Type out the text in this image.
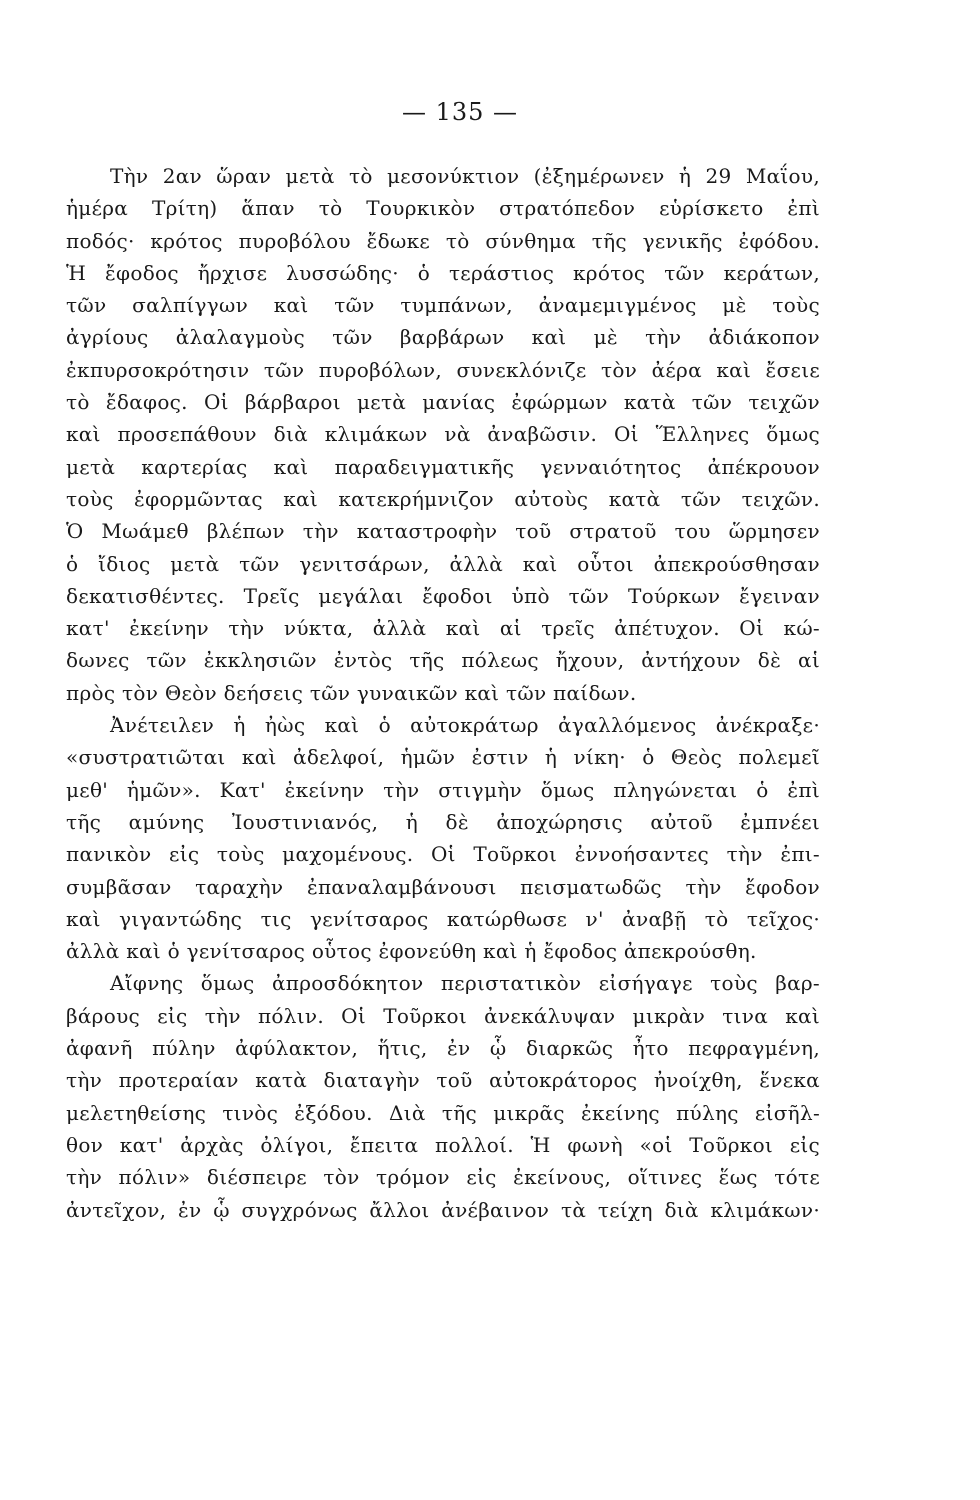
— 135 —
Τὴν 2αν ὥραν μετὰ τὸ μεσονύκτιον (ἐξημέρωνεν ἡ 29 Μαΐου,
ἡμέρα Τρίτη) ἅπαν τὸ Τουρκικὸν στρατόπεδον εὑρίσκετο ἐπὶ
ποδός· κρότος πυροβόλου ἔδωκε τὸ σύνθημα τῆς γενικῆς ἐφόδου.
Ἡ ἔφοδος ἤρχισε λυσσώδης· ὁ τεράστιος κρότος τῶν κεράτων,
τῶν σαλπίγγων καὶ τῶν τυμπάνων, ἀναμεμιγμένος μὲ τοὺς
ἀγρίους ἀλαλαγμοὺς τῶν βαρβάρων καὶ μὲ τὴν ἀδιάκοπον
ἐκπυρσοκρότησιν τῶν πυροβόλων, συνεκλόνιζε τὸν ἀέρα καὶ ἔσειε
τὸ ἔδαφος. Οἱ βάρβαροι μετὰ μανίας ἐφώρμων κατὰ τῶν τειχῶν
καὶ προσεπάθουν διὰ κλιμάκων νὰ ἀναβῶσιν. Οἱ Ἕλληνες ὅμως
μετὰ καρτερίας καὶ παραδειγματικῆς γενναιότητος ἀπέκρουον
τοὺς ἐφορμῶντας καὶ κατεκρήμνιζον αὐτοὺς κατὰ τῶν τειχῶν.
Ὁ Μωάμεθ βλέπων τὴν καταστροφὴν τοῦ στρατοῦ του ὥρμησεν
ὁ ἴδιος μετὰ τῶν γενιτσάρων, ἀλλὰ καὶ οὗτοι ἀπεκρούσθησαν
δεκατισθέντες. Τρεῖς μεγάλαι ἔφοδοι ὑπὸ τῶν Τούρκων ἔγειναν
κατ' ἐκείνην τὴν νύκτα, ἀλλὰ καὶ αἱ τρεῖς ἀπέτυχον. Οἱ κώ-
δωνες τῶν ἐκκλησιῶν ἐντὸς τῆς πόλεως ἤχουν, ἀντήχουν δὲ αἱ
πρὸς τὸν Θεὸν δεήσεις τῶν γυναικῶν καὶ τῶν παίδων.
Ἀνέτειλεν ἡ ἠὼς καὶ ὁ αὐτοκράτωρ ἀγαλλόμενος ἀνέκραξε·
«συστρατιῶται καὶ ἀδελφοί, ἡμῶν ἐστιν ἡ νίκη· ὁ Θεὸς πολεμεῖ
μεθ' ἡμῶν». Κατ' ἐκείνην τὴν στιγμὴν ὅμως πληγώνεται ὁ ἐπὶ
τῆς αμύνης Ἰουστινιανός, ἡ δὲ ἀποχώρησις αὐτοῦ ἐμπνέει
πανικὸν εἰς τοὺς μαχομένους. Οἱ Τοῦρκοι ἐννοήσαντες τὴν ἐπι-
συμβᾶσαν ταραχὴν ἐπαναλαμβάνουσι πεισματωδῶς τὴν ἔφοδον
καὶ γιγαντώδης τις γενίτσαρος κατώρθωσε ν' ἀναβῇ τὸ τεῖχος·
ἀλλὰ καὶ ὁ γενίτσαρος οὗτος ἐφονεύθη καὶ ἡ ἔφοδος ἀπεκρούσθη.
Αἴφνης ὅμως ἀπροσδόκητον περιστατικὸν εἰσήγαγε τοὺς βαρ-
βάρους εἰς τὴν πόλιν. Οἱ Τοῦρκοι ἀνεκάλυψαν μικρὰν τινα καὶ
ἀφανῆ πύλην ἀφύλακτον, ἥτις, ἐν ᾧ διαρκῶς ἦτο πεφραγμένη,
τὴν προτεραίαν κατὰ διαταγὴν τοῦ αὐτοκράτορος ἠνοίχθη, ἕνεκα
μελετηθείσης τινὸς ἐξόδου. Διὰ τῆς μικρᾶς ἐκείνης πύλης εἰσῆλ-
θον κατ' ἀρχὰς ὀλίγοι, ἔπειτα πολλοί. Ἡ φωνὴ «οἱ Τοῦρκοι εἰς
τὴν πόλιν» διέσπειρε τὸν τρόμον εἰς ἐκείνους, οἵτινες ἕως τότε
ἀντεῖχον, ἐν ᾧ συγχρόνως ἄλλοι ἀνέβαινον τὰ τείχη διὰ κλιμάκων·
